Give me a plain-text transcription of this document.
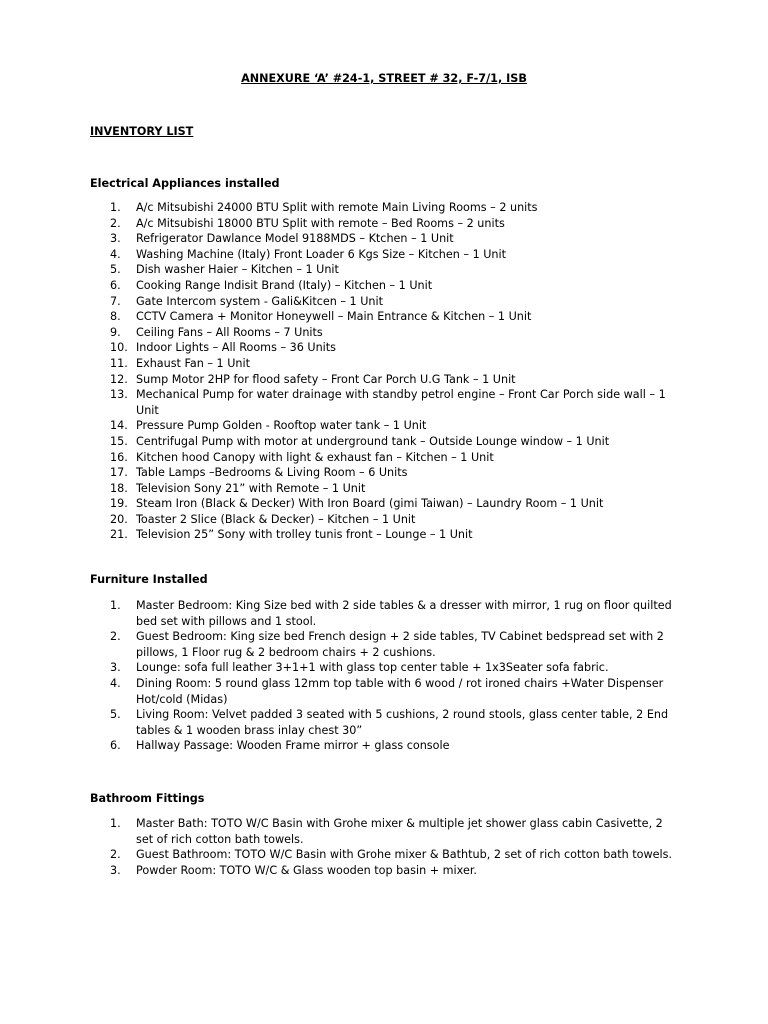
ANNEXURE ‘A’ #24-1, STREET # 32, F-7/1, ISB
INVENTORY LIST
Electrical Appliances installed
1.	A/c Mitsubishi 24000 BTU Split with remote Main Living Rooms – 2 units
2.	A/c Mitsubishi 18000 BTU Split with remote – Bed Rooms – 2 units
3.	Refrigerator Dawlance Model 9188MDS – Ktchen – 1 Unit
4.	Washing Machine (Italy) Front Loader 6 Kgs Size – Kitchen – 1 Unit
5.	Dish washer Haier – Kitchen – 1 Unit
6.	Cooking Range Indisit Brand (Italy) – Kitchen – 1 Unit
7.	Gate Intercom system - Gali&Kitcen – 1 Unit
8.	CCTV Camera + Monitor Honeywell – Main Entrance & Kitchen – 1 Unit
9.	Ceiling Fans – All Rooms – 7 Units
10. Indoor Lights – All Rooms – 36 Units
11. Exhaust Fan – 1 Unit
12. Sump Motor 2HP for flood safety – Front Car Porch U.G Tank – 1 Unit
13. Mechanical Pump for water drainage with standby petrol engine – Front Car Porch side wall – 1 Unit
14. Pressure Pump Golden - Rooftop water tank – 1 Unit
15. Centrifugal Pump with motor at underground tank – Outside Lounge window – 1 Unit
16. Kitchen hood Canopy with light & exhaust fan – Kitchen – 1 Unit
17. Table Lamps –Bedrooms & Living Room – 6 Units
18. Television Sony 21” with Remote – 1 Unit
19. Steam Iron (Black & Decker) With Iron Board (gimi Taiwan) – Laundry Room – 1 Unit
20. Toaster 2 Slice (Black & Decker) – Kitchen – 1 Unit
21. Television 25” Sony with trolley tunis front – Lounge – 1 Unit
Furniture Installed
1.	Master Bedroom: King Size bed with 2 side tables & a dresser with mirror, 1 rug on floor quilted bed set with pillows and 1 stool.
2.	Guest Bedroom: King size bed French design + 2 side tables, TV Cabinet bedspread set with 2 pillows, 1 Floor rug & 2 bedroom chairs + 2 cushions.
3.	Lounge: sofa full leather 3+1+1 with glass top center table + 1x3Seater sofa fabric.
4.	Dining Room: 5 round glass 12mm top table with 6 wood / rot ironed chairs +Water Dispenser Hot/cold (Midas)
5.	Living Room: Velvet padded 3 seated with 5 cushions, 2 round stools, glass center table, 2 End tables & 1 wooden brass inlay chest 30”
6.	Hallway Passage: Wooden Frame mirror + glass console
Bathroom Fittings
1.	Master Bath: TOTO W/C Basin with Grohe mixer & multiple jet shower glass cabin Casivette, 2 set of rich cotton bath towels.
2.	Guest Bathroom: TOTO W/C Basin with Grohe mixer & Bathtub, 2 set of rich cotton bath towels.
3.	Powder Room: TOTO W/C & Glass wooden top basin + mixer.
